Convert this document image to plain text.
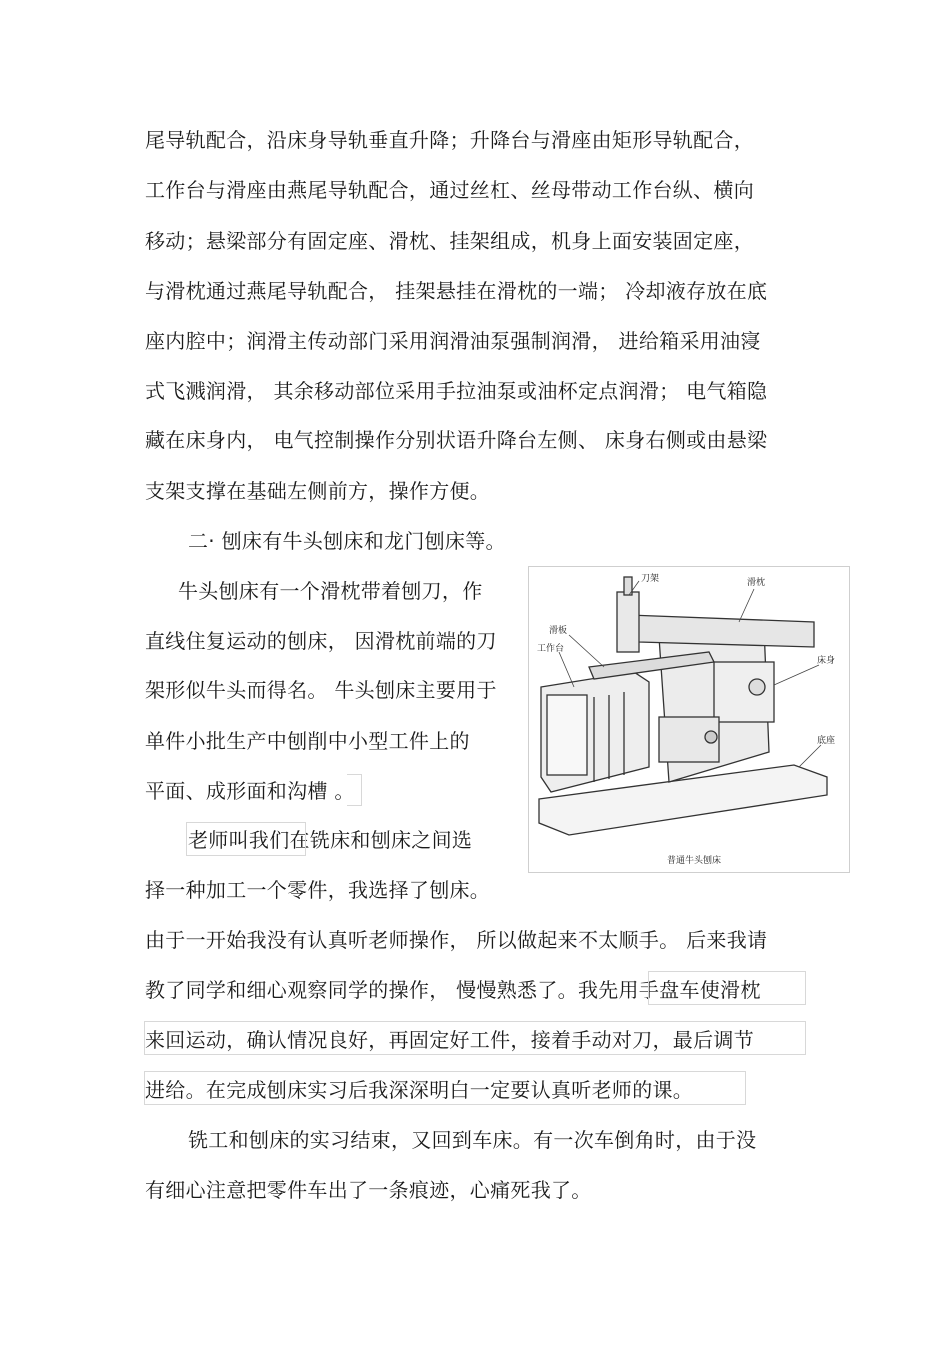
尾导轨配合，沿床身导轨垂直升降；升降台与滑座由矩形导轨配合，
工作台与滑座由燕尾导轨配合，通过丝杠、丝母带动工作台纵、横向
移动；悬梁部分有固定座、滑枕、挂架组成，机身上面安装固定座，
与滑枕通过燕尾导轨配合， 挂架悬挂在滑枕的一端； 冷却液存放在底
座内腔中；润滑主传动部门采用润滑油泵强制润滑， 进给箱采用油寖
式飞溅润滑， 其余移动部位采用手拉油泵或油杯定点润滑； 电气箱隐
藏在床身内， 电气控制操作分别状语升降台左侧、 床身右侧或由悬梁
支架支撑在基础左侧前方，操作方便。
二· 刨床有牛头刨床和龙门刨床等。
牛头刨床有一个滑枕带着刨刀，作
直线住复运动的刨床， 因滑枕前端的刀
架形似牛头而得名。 牛头刨床主要用于
单件小批生产中刨削中小型工件上的
平面、成形面和沟槽 。
老师叫我们在铣床和刨床之间选
择一种加工一个零件，我选择了刨床。
由于一开始我没有认真听老师操作， 所以做起来不太顺手。 后来我请
教了同学和细心观察同学的操作， 慢慢熟悉了。我先用手盘车使滑枕
来回运动，确认情况良好，再固定好工件，接着手动对刀，最后调节
进给。在完成刨床实习后我深深明白一定要认真听老师的课。
铣工和刨床的实习结束，又回到车床。有一次车倒角时，由于没
有细心注意把零件车出了一条痕迹，心痛死我了。
刀架	滑枕
滑板
工作台
床身
底座
普通牛头刨床
